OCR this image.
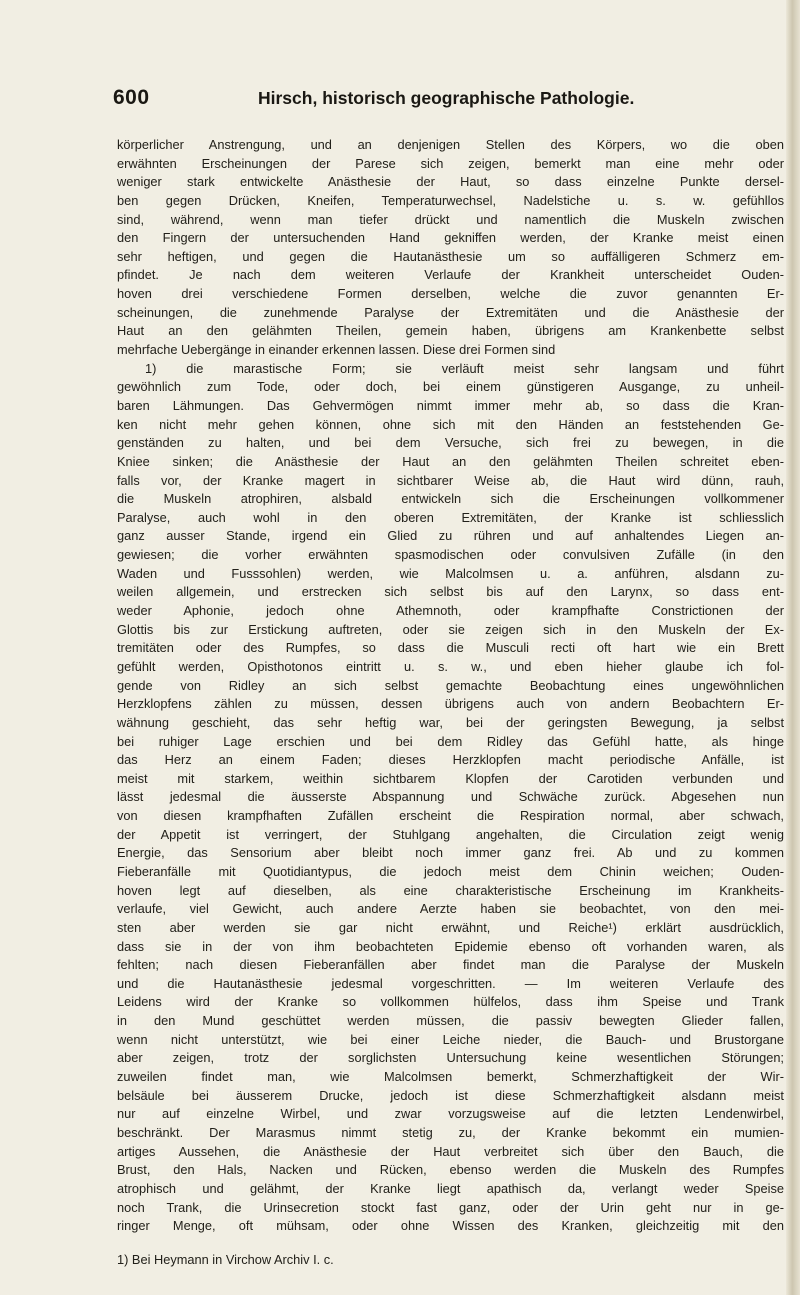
600	Hirsch, historisch geographische Pathologie.
körperlicher Anstrengung, und an denjenigen Stellen des Körpers, wo die oben
erwähnten Erscheinungen der Parese sich zeigen, bemerkt man eine mehr oder
weniger stark entwickelte Anästhesie der Haut, so dass einzelne Punkte dersel-
ben gegen Drücken, Kneifen, Temperaturwechsel, Nadelstiche u. s. w. gefühllos
sind, während, wenn man tiefer drückt und namentlich die Muskeln zwischen
den Fingern der untersuchenden Hand gekniffen werden, der Kranke meist einen
sehr heftigen, und gegen die Hautanästhesie um so auffälligeren Schmerz em-
pfindet. Je nach dem weiteren Verlaufe der Krankheit unterscheidet Ouden-
hoven drei verschiedene Formen derselben, welche die zuvor genannten Er-
scheinungen, die zunehmende Paralyse der Extremitäten und die Anästhesie der
Haut an den gelähmten Theilen, gemein haben, übrigens am Krankenbette selbst
mehrfache Uebergänge in einander erkennen lassen. Diese drei Formen sind
1) die marastische Form; sie verläuft meist sehr langsam und führt
gewöhnlich zum Tode, oder doch, bei einem günstigeren Ausgange, zu unheil-
baren Lähmungen. Das Gehvermögen nimmt immer mehr ab, so dass die Kran-
ken nicht mehr gehen können, ohne sich mit den Händen an feststehenden Ge-
genständen zu halten, und bei dem Versuche, sich frei zu bewegen, in die
Kniee sinken; die Anästhesie der Haut an den gelähmten Theilen schreitet eben-
falls vor, der Kranke magert in sichtbarer Weise ab, die Haut wird dünn, rauh,
die Muskeln atrophiren, alsbald entwickeln sich die Erscheinungen vollkommener
Paralyse, auch wohl in den oberen Extremitäten, der Kranke ist schliesslich
ganz ausser Stande, irgend ein Glied zu rühren und auf anhaltendes Liegen an-
gewiesen; die vorher erwähnten spasmodischen oder convulsiven Zufälle (in den
Waden und Fusssohlen) werden, wie Malcolmsen u. a. anführen, alsdann zu-
weilen allgemein, und erstrecken sich selbst bis auf den Larynx, so dass ent-
weder Aphonie, jedoch ohne Athemnoth, oder krampfhafte Constrictionen der
Glottis bis zur Erstickung auftreten, oder sie zeigen sich in den Muskeln der Ex-
tremitäten oder des Rumpfes, so dass die Musculi recti oft hart wie ein Brett
gefühlt werden, Opisthotonos eintritt u. s. w., und eben hieher glaube ich fol-
gende von Ridley an sich selbst gemachte Beobachtung eines ungewöhnlichen
Herzklopfens zählen zu müssen, dessen übrigens auch von andern Beobachtern Er-
wähnung geschieht, das sehr heftig war, bei der geringsten Bewegung, ja selbst
bei ruhiger Lage erschien und bei dem Ridley das Gefühl hatte, als hinge
das Herz an einem Faden; dieses Herzklopfen macht periodische Anfälle, ist
meist mit starkem, weithin sichtbarem Klopfen der Carotiden verbunden und
lässt jedesmal die äusserste Abspannung und Schwäche zurück. Abgesehen nun
von diesen krampfhaften Zufällen erscheint die Respiration normal, aber schwach,
der Appetit ist verringert, der Stuhlgang angehalten, die Circulation zeigt wenig
Energie, das Sensorium aber bleibt noch immer ganz frei. Ab und zu kommen
Fieberanfälle mit Quotidiantypus, die jedoch meist dem Chinin weichen; Ouden-
hoven legt auf dieselben, als eine charakteristische Erscheinung im Krankheits-
verlaufe, viel Gewicht, auch andere Aerzte haben sie beobachtet, von den mei-
sten aber werden sie gar nicht erwähnt, und Reiche¹) erklärt ausdrücklich,
dass sie in der von ihm beobachteten Epidemie ebenso oft vorhanden waren, als
fehlten; nach diesen Fieberanfällen aber findet man die Paralyse der Muskeln
und die Hautanästhesie jedesmal vorgeschritten. — Im weiteren Verlaufe des
Leidens wird der Kranke so vollkommen hülfelos, dass ihm Speise und Trank
in den Mund geschüttet werden müssen, die passiv bewegten Glieder fallen,
wenn nicht unterstützt, wie bei einer Leiche nieder, die Bauch- und Brustorgane
aber zeigen, trotz der sorglichsten Untersuchung keine wesentlichen Störungen;
zuweilen findet man, wie Malcolmsen bemerkt, Schmerzhaftigkeit der Wir-
belsäule bei äusserem Drucke, jedoch ist diese Schmerzhaftigkeit alsdann meist
nur auf einzelne Wirbel, und zwar vorzugsweise auf die letzten Lendenwirbel,
beschränkt. Der Marasmus nimmt stetig zu, der Kranke bekommt ein mumien-
artiges Aussehen, die Anästhesie der Haut verbreitet sich über den Bauch, die
Brust, den Hals, Nacken und Rücken, ebenso werden die Muskeln des Rumpfes
atrophisch und gelähmt, der Kranke liegt apathisch da, verlangt weder Speise
noch Trank, die Urinsecretion stockt fast ganz, oder der Urin geht nur in ge-
ringer Menge, oft mühsam, oder ohne Wissen des Kranken, gleichzeitig mit den
1) Bei Heymann in Virchow Archiv I. c.
